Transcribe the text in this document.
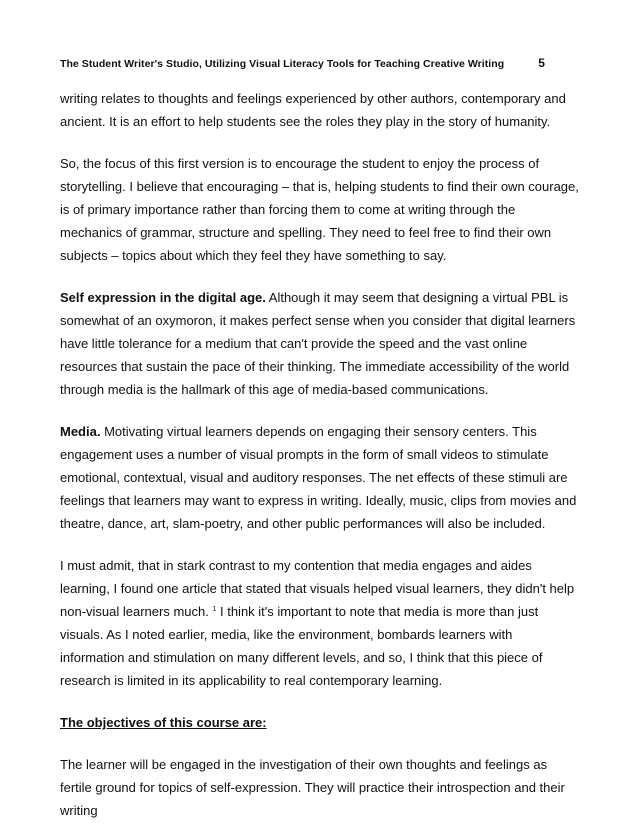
The Student Writer's Studio, Utilizing Visual Literacy Tools for Teaching Creative Writing	5

writing relates to thoughts and feelings experienced by other authors, contemporary and ancient. It is an effort to help students see the roles they play in the story of humanity.

So, the focus of this first version is to encourage the student to enjoy the process of storytelling. I believe that encouraging – that is, helping students to find their own courage, is of primary importance rather than forcing them to come at writing through the mechanics of grammar, structure and spelling. They need to feel free to find their own subjects – topics about which they feel they have something to say.

Self expression in the digital age. Although it may seem that designing a virtual PBL is somewhat of an oxymoron, it makes perfect sense when you consider that digital learners have little tolerance for a medium that can't provide the speed and the vast online resources that sustain the pace of their thinking. The immediate accessibility of the world through media is the hallmark of this age of media-based communications.

Media. Motivating virtual learners depends on engaging their sensory centers. This engagement uses a number of visual prompts in the form of small videos to stimulate emotional, contextual, visual and auditory responses. The net effects of these stimuli are feelings that learners may want to express in writing. Ideally, music, clips from movies and theatre, dance, art, slam-poetry, and other public performances will also be included.

I must admit, that in stark contrast to my contention that media engages and aides learning, I found one article that stated that visuals helped visual learners, they didn't help non-visual learners much. $^1$ I think it's important to note that media is more than just visuals. As I noted earlier, media, like the environment, bombards learners with information and stimulation on many different levels, and so, I think that this piece of research is limited in its applicability to real contemporary learning.

The objectives of this course are:

The learner will be engaged in the investigation of their own thoughts and feelings as fertile ground for topics of self-expression. They will practice their introspection and their writing
